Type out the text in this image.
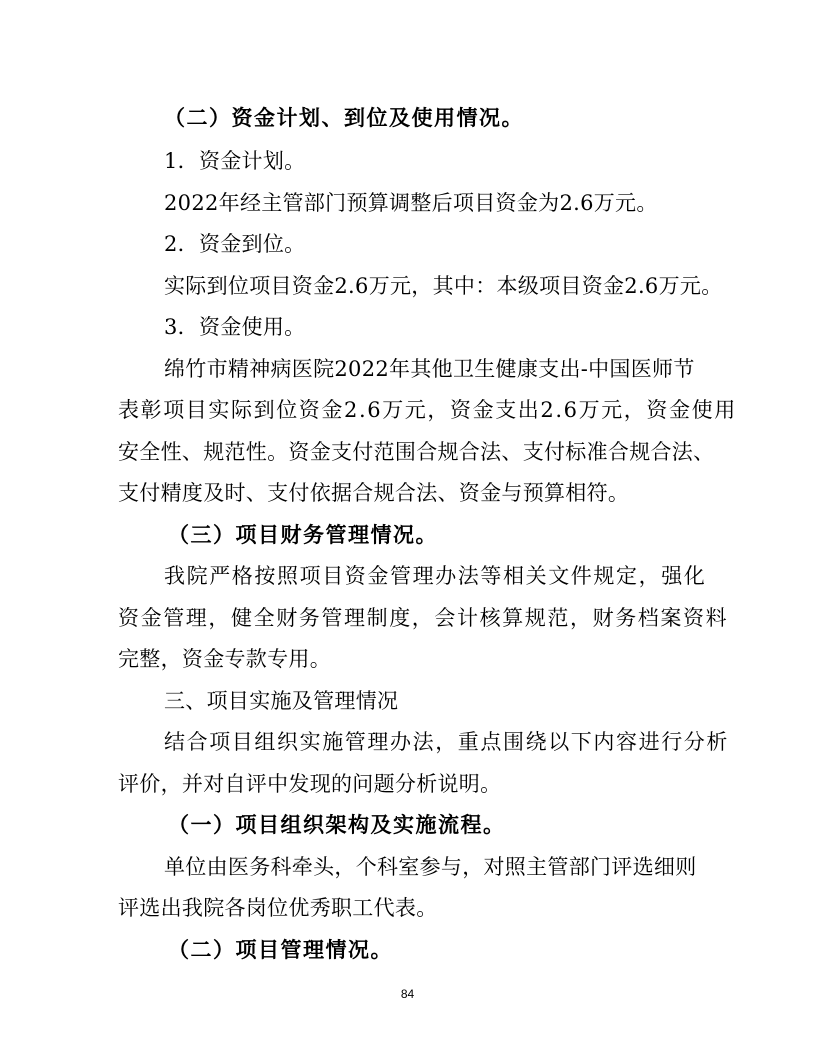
（二）资金计划、到位及使用情况。
1．资金计划。
2022年经主管部门预算调整后项目资金为2.6万元。
2．资金到位。
实际到位项目资金2.6万元，其中：本级项目资金2.6万元。
3．资金使用。
绵竹市精神病医院2022年其他卫生健康支出-中国医师节
表彰项目实际到位资金2.6万元，资金支出2.6万元，资金使用
安全性、规范性。资金支付范围合规合法、支付标准合规合法、
支付精度及时、支付依据合规合法、资金与预算相符。
（三）项目财务管理情况。
我院严格按照项目资金管理办法等相关文件规定，强化
资金管理，健全财务管理制度，会计核算规范，财务档案资料
完整，资金专款专用。
三、项目实施及管理情况
结合项目组织实施管理办法，重点围绕以下内容进行分析
评价，并对自评中发现的问题分析说明。
（一）项目组织架构及实施流程。
单位由医务科牵头，个科室参与，对照主管部门评选细则
评选出我院各岗位优秀职工代表。
（二）项目管理情况。
84
